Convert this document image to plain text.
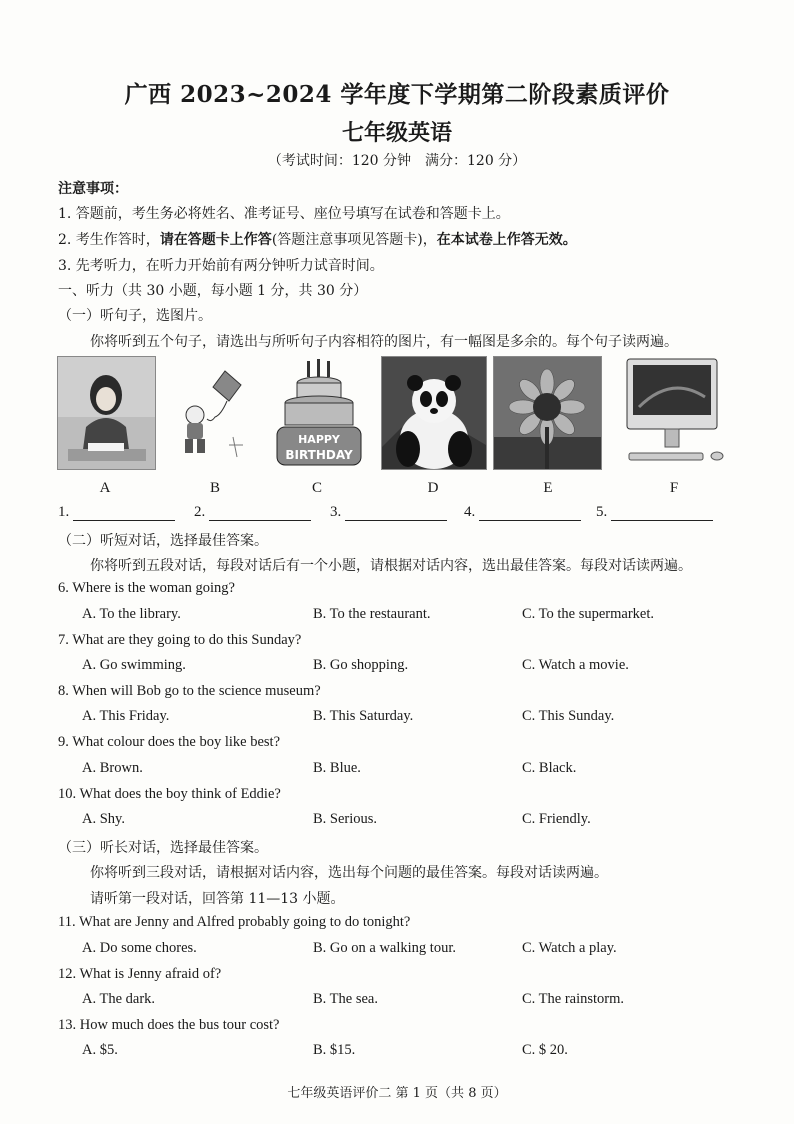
广西 2023~2024 学年度下学期第二阶段素质评价
七年级英语
（考试时间：120 分钟　满分：120 分）
注意事项：
1. 答题前，考生务必将姓名、准考证号、座位号填写在试卷和答题卡上。
2. 考生作答时，请在答题卡上作答(答题注意事项见答题卡)，在本试卷上作答无效。
3. 先考听力，在听力开始前有两分钟听力试音时间。
一、听力（共 30 小题，每小题 1 分，共 30 分）
（一）听句子，选图片。
你将听到五个句子，请选出与所听句子内容相符的图片，有一幅图是多余的。每个句子读两遍。
A	B
HAPPY
BIRTHDAY
C	D	E	F
1.	2.	3.	4.	5.
（二）听短对话，选择最佳答案。
你将听到五段对话，每段对话后有一个小题，请根据对话内容，选出最佳答案。每段对话读两遍。
6. Where is the woman going?
A. To the library.	B. To the restaurant.	C. To the supermarket.
7. What are they going to do this Sunday?
A. Go swimming.	B. Go shopping.	C. Watch a movie.
8. When will Bob go to the science museum?
A. This Friday.	B. This Saturday.	C. This Sunday.
9. What colour does the boy like best?
A. Brown.	B. Blue.	C. Black.
10. What does the boy think of Eddie?
A. Shy.	B. Serious.	C. Friendly.
（三）听长对话，选择最佳答案。
你将听到三段对话，请根据对话内容，选出每个问题的最佳答案。每段对话读两遍。
请听第一段对话，回答第 11—13 小题。
11. What are Jenny and Alfred probably going to do tonight?
A. Do some chores.	B. Go on a walking tour.	C. Watch a play.
12. What is Jenny afraid of?
A. The dark.	B. The sea.	C. The rainstorm.
13. How much does the bus tour cost?
A. $5.	B. $15.	C. $ 20.
七年级英语评价二 第 1 页（共 8 页）
